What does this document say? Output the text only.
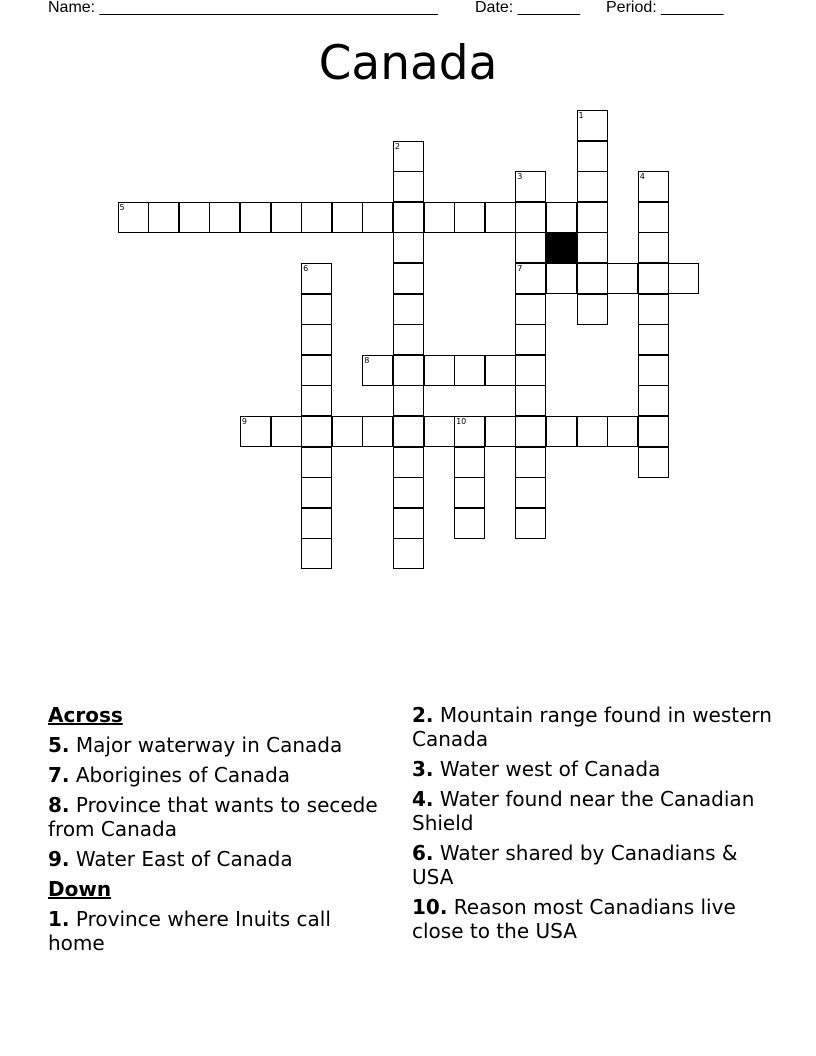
Name: ______________________________________ Date: _______ Period: _______
Canada
5
7
8
9	10
1
2
3	4
6

Across

5. Major waterway in Canada

7. Aborigines of Canada

8. Province that wants to secede from Canada

9. Water East of Canada

Down

1. Province where Inuits call home

2. Mountain range found in western Canada

3. Water west of Canada

4. Water found near the Canadian Shield

6. Water shared by Canadians & USA

10. Reason most Canadians live close to the USA
